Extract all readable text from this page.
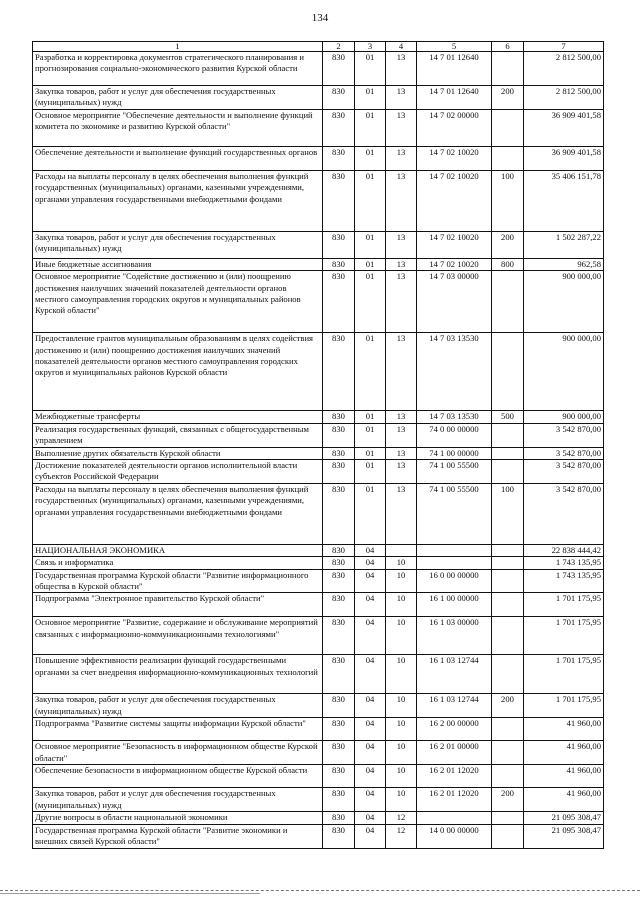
134
1	2	3	4	5	6	7
Разработка и корректировка документов стратегического планирования и прогнозирования социально-экономического развития Курской области	830	01	13	14 7 01 12640		2 812 500,00
Закупка товаров, работ и услуг для обеспечения государственных (муниципальных) нужд	830	01	13	14 7 01 12640	200	2 812 500,00
Основное мероприятие "Обеспечение деятельности и выполнение функций комитета по экономике и развитию Курской области"	830	01	13	14 7 02 00000		36 909 401,58
Обеспечение деятельности и выполнение функций государственных органов	830	01	13	14 7 02 10020		36 909 401,58
Расходы на выплаты персоналу в целях обеспечения выполнения функций государственных (муниципальных) органами, казенными учреждениями, органами управления государственными внебюджетными фондами	830	01	13	14 7 02 10020	100	35 406 151,78
Закупка товаров, работ и услуг для обеспечения государственных (муниципальных) нужд	830	01	13	14 7 02 10020	200	1 502 287,22
Иные бюджетные ассигнования	830	01	13	14 7 02 10020	800	962,58
Основное мероприятие "Содействие достижению и (или) поощрению достижения наилучших значений показателей деятельности органов местного самоуправления городских округов и муниципальных районов Курской области"	830	01	13	14 7 03 00000		900 000,00
Предоставление грантов муниципальным образованиям в целях содействия достижению и (или) поощрению достижения наилучших значений показателей деятельности органов местного самоуправления городских округов и муниципальных районов Курской области	830	01	13	14 7 03 13530		900 000,00
Межбюджетные трансферты	830	01	13	14 7 03 13530	500	900 000,00
Реализация государственных функций, связанных с общегосударственным управлением	830	01	13	74 0 00 00000		3 542 870,00
Выполнение других обязательств Курской области	830	01	13	74 1 00 00000		3 542 870,00
Достижение показателей деятельности органов исполнительной власти субъектов Российской Федерации	830	01	13	74 1 00 55500		3 542 870,00
Расходы на выплаты персоналу в целях обеспечения выполнения функций государственных (муниципальных) органами, казенными учреждениями, органами управления государственными внебюджетными фондами	830	01	13	74 1 00 55500	100	3 542 870,00
НАЦИОНАЛЬНАЯ ЭКОНОМИКА	830	04				22 838 444,42
Связь и информатика	830	04	10			1 743 135,95
Государственная программа Курской области "Развитие информационного общества в Курской области"	830	04	10	16 0 00 00000		1 743 135,95
Подпрограмма "Электронное правительство Курской области"	830	04	10	16 1 00 00000		1 701 175,95
Основное мероприятие "Развитие, содержание и обслуживание мероприятий связанных с информационно-коммуникационными технологиями"	830	04	10	16 1 03 00000		1 701 175,95
Повышение эффективности реализации функций государственными органами за счет внедрения информационно-коммуникационных технологий	830	04	10	16 1 03 12744		1 701 175,95
Закупка товаров, работ и услуг для обеспечения государственных (муниципальных) нужд	830	04	10	16 1 03 12744	200	1 701 175,95
Подпрограмма "Развитие системы защиты информации Курской области"	830	04	10	16 2 00 00000		41 960,00
Основное мероприятие "Безопасность в информационном обществе Курской области"	830	04	10	16 2 01 00000		41 960,00
Обеспечение безопасности в информационном обществе Курской области	830	04	10	16 2 01 12020		41 960,00
Закупка товаров, работ и услуг для обеспечения государственных (муниципальных) нужд	830	04	10	16 2 01 12020	200	41 960,00
Другие вопросы в области национальной экономики	830	04	12			21 095 308,47
Государственная программа Курской области "Развитие экономики и внешних связей Курской области"	830	04	12	14 0 00 00000		21 095 308,47
